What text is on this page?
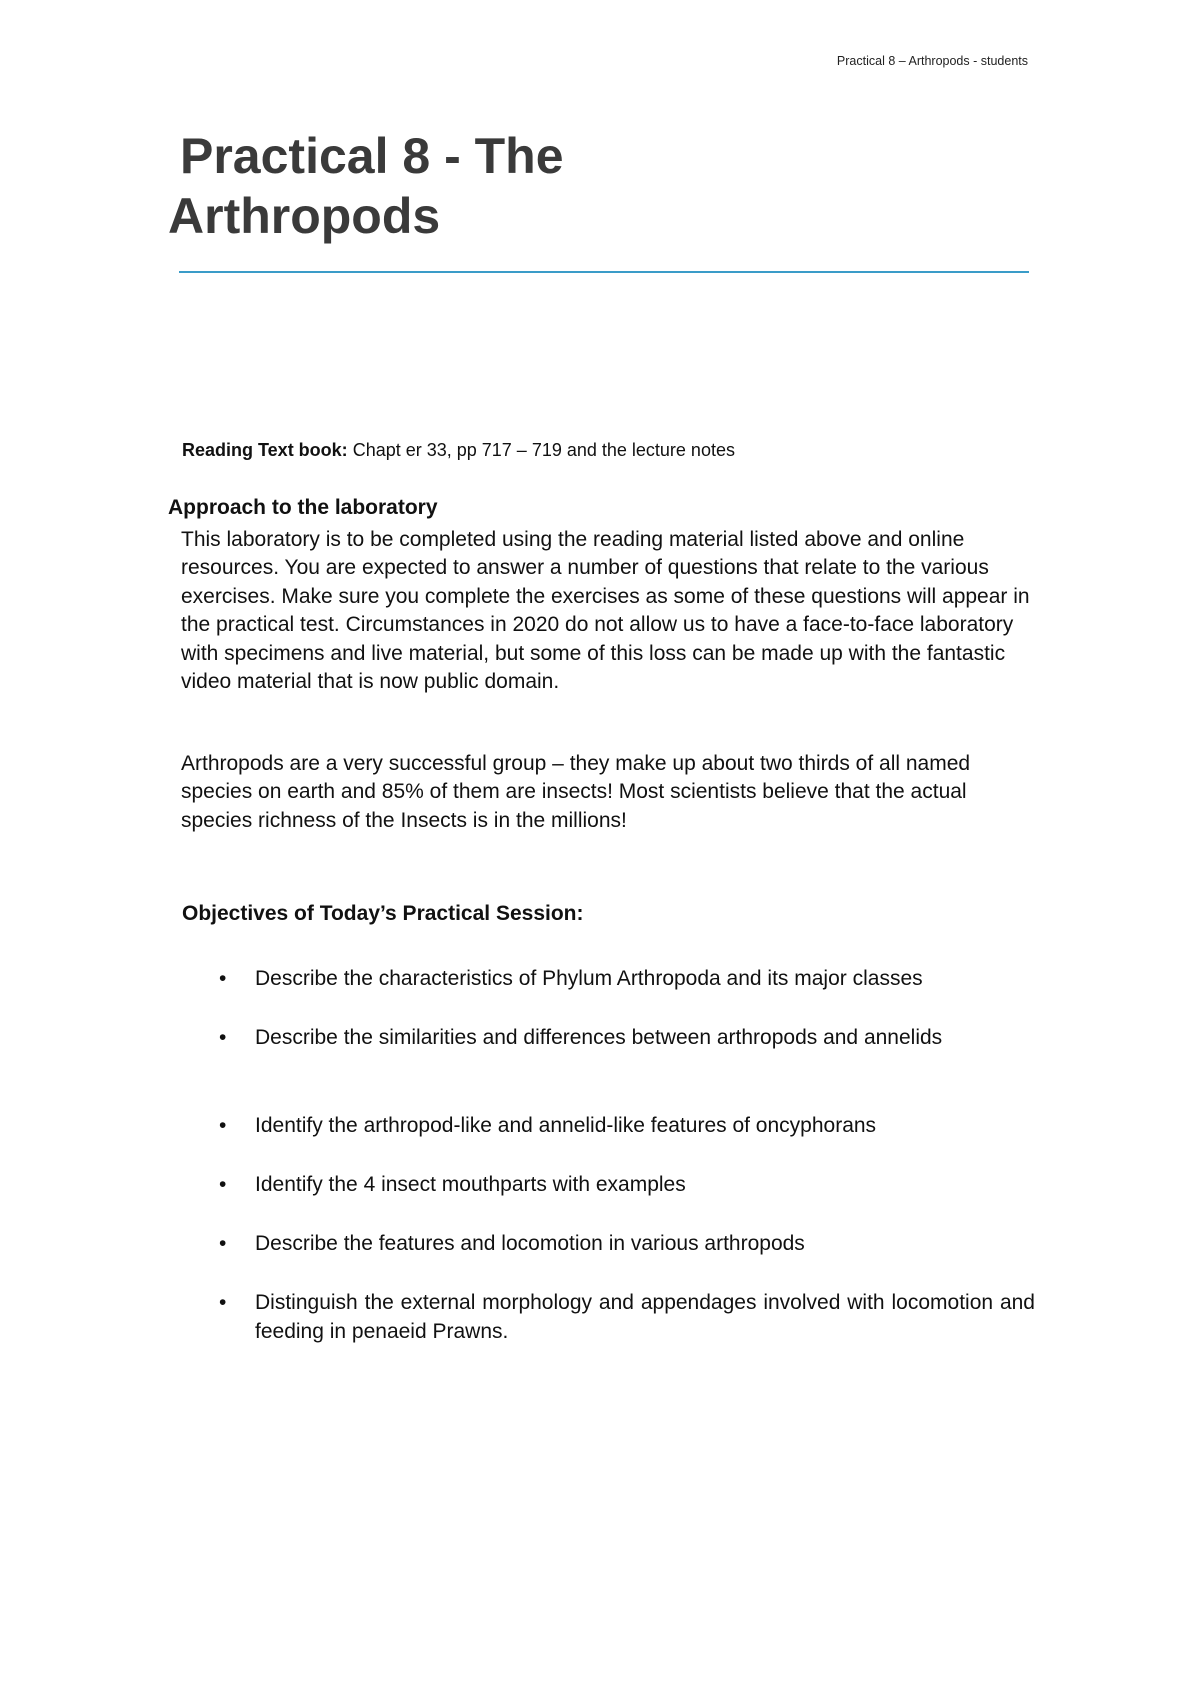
Practical 8 – Arthropods - students
Practical 8 - The
Arthropods

Reading Text book: Chapt er 33, pp 717 – 719 and the lecture notes

Approach to the laboratory

This laboratory is to be completed using the reading material listed above and online resources. You are expected to answer a number of questions that relate to the various exercises. Make sure you complete the exercises as some of these questions will appear in the practical test. Circumstances in 2020 do not allow us to have a face-to-face laboratory with specimens and live material, but some of this loss can be made up with the fantastic video material that is now public domain.

Arthropods are a very successful group – they make up about two thirds of all named species on earth and 85% of them are insects! Most scientists believe that the actual species richness of the Insects is in the millions!

Objectives of Today’s Practical Session:
• Describe the characteristics of Phylum Arthropoda and its major classes
• Describe the similarities and differences between arthropods and annelids
• Identify the arthropod-like and annelid-like features of oncyphorans
• Identify the 4 insect mouthparts with examples
• Describe the features and locomotion in various arthropods
• Distinguish the external morphology and appendages involved with locomotion and feeding in penaeid Prawns.
